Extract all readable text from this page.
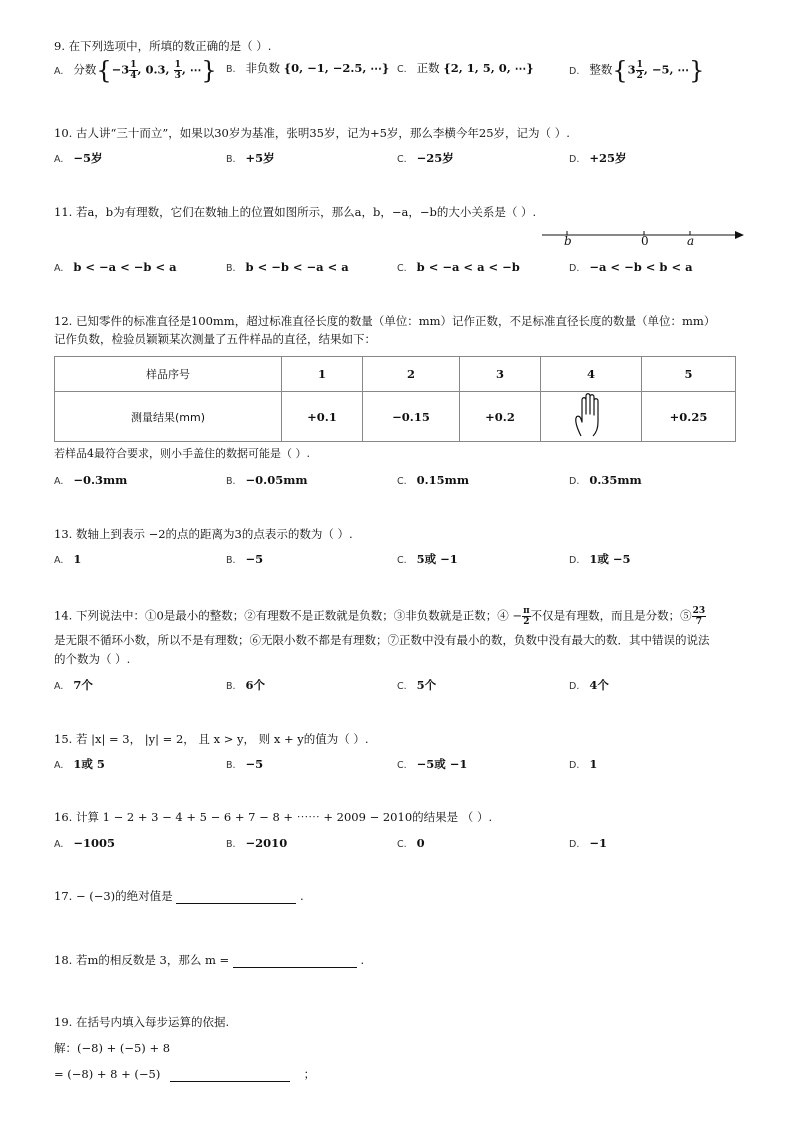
9. 在下列选项中，所填的数正确的是（ ）.
A. 分数{$-3 \frac{1}{4}$ , 0.3, $\frac{1}{3}$ , ⋯} B. 非负数 {0, −1, −2.5, ⋯} C. 正数 {2, 1, 5, 0, ⋯}	D. 整数{$3 \frac{1}{2}$ , −5, ⋯}
10. 古人讲“三十而立”，如果以30岁为基准，张明35岁，记为+5岁，那么李横今年25岁，记为（ ）.
A. −5岁	B. +5岁	C. −25岁	D. +25岁
11. 若a，b为有理数，它们在数轴上的位置如图所示，那么a，b，−a，−b的大小关系是（ ）.
b	0	a
A. b < −a < −b < a	B. b < −b < −a < a	C. b < −a < a < −b	D. −a < −b < b < a
12. 已知零件的标准直径是100mm，超过标准直径长度的数量（单位：mm）记作正数，不足标准直径长度的数量（单位：mm）
记作负数，检验员颖颖某次测量了五件样品的直径，结果如下：
样品序号	1	2	3	4	5
测量结果(mm)	+0.1	−0.15	+0.2		+0.25
若样品4最符合要求，则小手盖住的数据可能是（ ）.
A. −0.3mm	B. −0.05mm	C. 0.15mm	D. 0.35mm
13. 数轴上到表示 −2的点的距离为3的点表示的数为（ ）.
A. 1	B. −5	C. 5或 −1	D. 1或 −5
14. 下列说法中：①0是最小的整数；②有理数不是正数就是负数；③非负数就是正数；④ − $\frac{\pi}{2}$ 不仅是有理数，而且是分数；⑤ $\frac{23}{7}$
是无限不循环小数，所以不是有理数；⑥无限小数不都是有理数；⑦正数中没有最小的数，负数中没有最大的数．其中错误的说法
的个数为（ ）.
A. 7个	B. 6个	C. 5个	D. 4个
15. 若 |x| = 3， |y| = 2， 且 x > y， 则 x + y的值为（ ）.
A. 1或 5	B. −5	C. −5或 −1	D. 1
16. 计算 1 − 2 + 3 − 4 + 5 − 6 + 7 − 8 + ⋯⋯ + 2009 − 2010的结果是 （ ）.
A. −1005	B. −2010	C. 0	D. −1
17. − (−3)的绝对值是	.
18. 若m的相反数是 3，那么 m =	.
19. 在括号内填入每步运算的依据.
解：(−8) + (−5) + 8
= (−8) + 8 + (−5)	；
